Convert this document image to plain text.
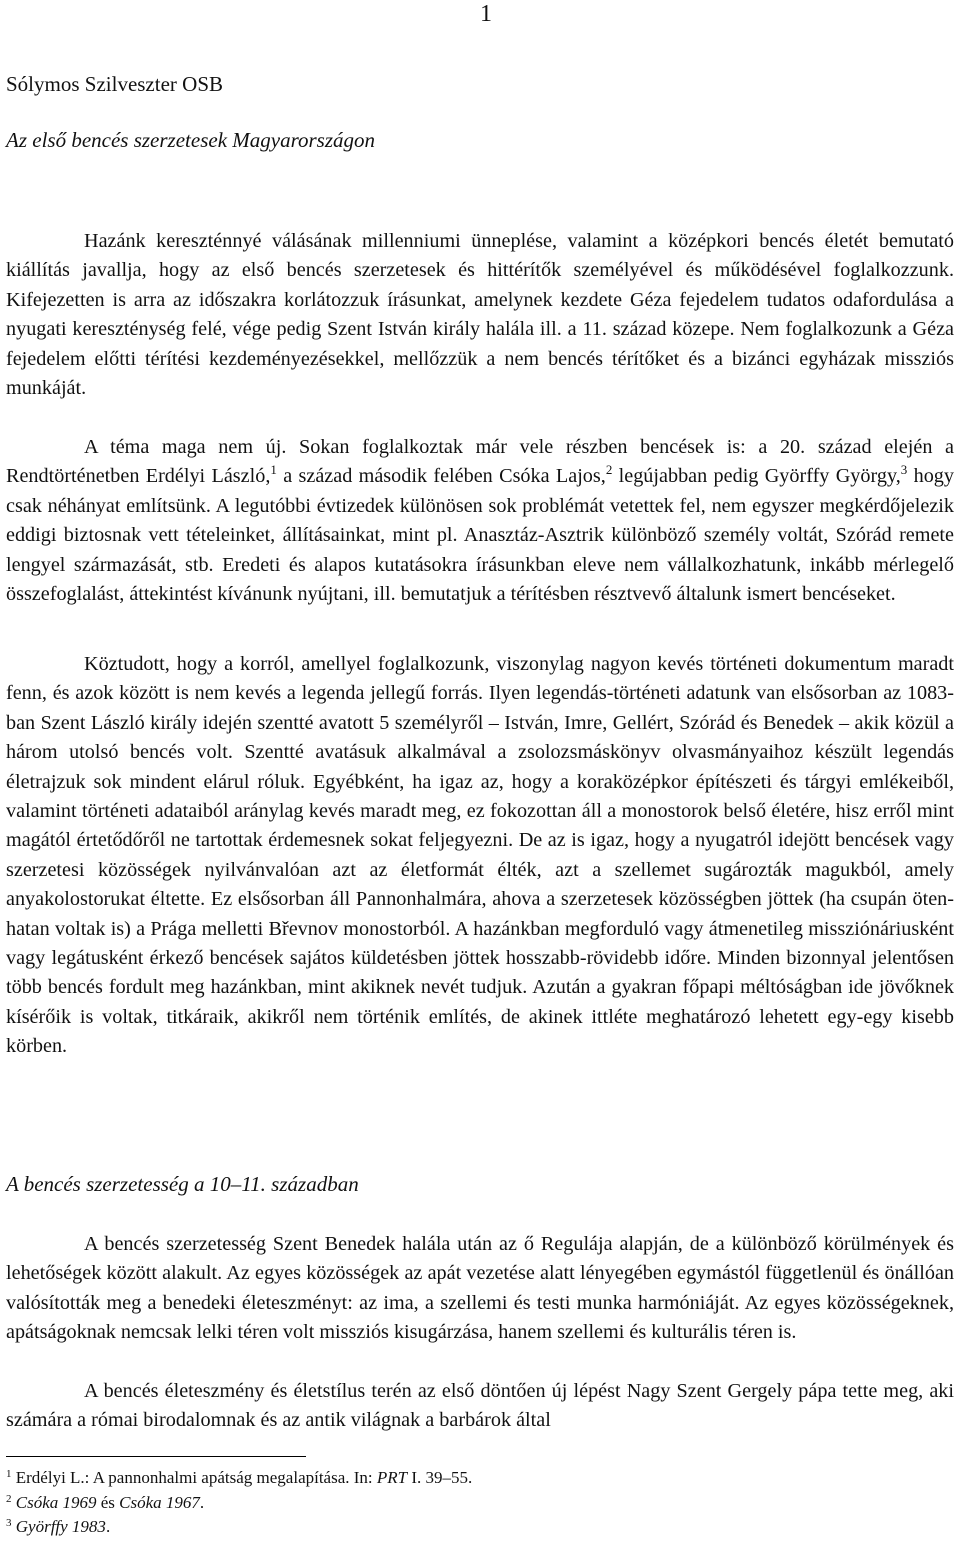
1
Sólymos Szilveszter OSB
Az első bencés szerzetesek Magyarországon

Hazánk kereszténnyé válásának millenniumi ünneplése, valamint a középkori bencés életét bemutató kiállítás javallja, hogy az első bencés szerzetesek és hittérítők személyével és működésével foglalkozzunk. Kifejezetten is arra az időszakra korlátozzuk írásunkat, amelynek kezdete Géza fejedelem tudatos odafordulása a nyugati kereszténység felé, vége pedig Szent István király halála ill. a 11. század közepe. Nem foglalkozunk a Géza fejedelem előtti térítési kezdeményezésekkel, mellőzzük a nem bencés térítőket és a bizánci egyházak missziós munkáját.

A téma maga nem új. Sokan foglalkoztak már vele részben bencések is: a 20. század elején a Rendtörténetben Erdélyi László,$^1$ a század második felében Csóka Lajos,$^2$ legújabban pedig Györffy György,$^3$ hogy csak néhányat említsünk. A legutóbbi évtizedek különösen sok problémát vetettek fel, nem egyszer megkérdőjelezik eddigi biztosnak vett tételeinket, állításainkat, mint pl. Anasztáz-Asztrik különböző személy voltát, Szórád remete lengyel származását, stb. Eredeti és alapos kutatásokra írásunkban eleve nem vállalkozhatunk, inkább mérlegelő összefoglalást, áttekintést kívánunk nyújtani, ill. bemutatjuk a térítésben résztvevő általunk ismert bencéseket.

Köztudott, hogy a korról, amellyel foglalkozunk, viszonylag nagyon kevés történeti dokumentum maradt fenn, és azok között is nem kevés a legenda jellegű forrás. Ilyen legendás-történeti adatunk van elsősorban az 1083-ban Szent László király idején szentté avatott 5 személyről – István, Imre, Gellért, Szórád és Benedek – akik közül a három utolsó bencés volt. Szentté avatásuk alkalmával a zsolozsmáskönyv olvasmányaihoz készült legendás életrajzuk sok mindent elárul róluk. Egyébként, ha igaz az, hogy a koraközépkor építészeti és tárgyi emlékeiből, valamint történeti adataiból aránylag kevés maradt meg, ez fokozottan áll a monostorok belső életére, hisz erről mint magától értetődőről ne tartottak érdemesnek sokat feljegyezni. De az is igaz, hogy a nyugatról idejött bencések vagy szerzetesi közösségek nyilvánvalóan azt az életformát élték, azt a szellemet sugározták magukból, amely anyakolostorukat éltette. Ez elsősorban áll Pannonhalmára, ahova a szerzetesek közösségben jöttek (ha csupán öten-hatan voltak is) a Prága melletti Břevnov monostorból. A hazánkban megforduló vagy átmenetileg missziónáriusként vagy legátusként érkező bencések sajátos küldetésben jöttek hosszabb-rövidebb időre. Minden bizonnyal jelentősen több bencés fordult meg hazánkban, mint akiknek nevét tudjuk. Azután a gyakran főpapi méltóságban ide jövőknek kísérőik is voltak, titkáraik, akikről nem történik említés, de akinek ittléte meghatározó lehetett egy-egy kisebb körben.

A bencés szerzetesség a 10–11. században

A bencés szerzetesség Szent Benedek halála után az ő Regulája alapján, de a különböző körülmények és lehetőségek között alakult. Az egyes közösségek az apát vezetése alatt lényegében egymástól függetlenül és önállóan valósították meg a benedeki életeszményt: az ima, a szellemi és testi munka harmóniáját. Az egyes közösségeknek, apátságoknak nemcsak lelki téren volt missziós kisugárzása, hanem szellemi és kulturális téren is.

A bencés életeszmény és életstílus terén az első döntően új lépést Nagy Szent Gergely pápa tette meg, aki számára a római birodalomnak és az antik világnak a barbárok által

$^1$ Erdélyi L.: A pannonhalmi apátság megalapítása. In: PRT I. 39–55.
$^2$ Csóka 1969 és Csóka 1967.
$^3$ Györffy 1983.
